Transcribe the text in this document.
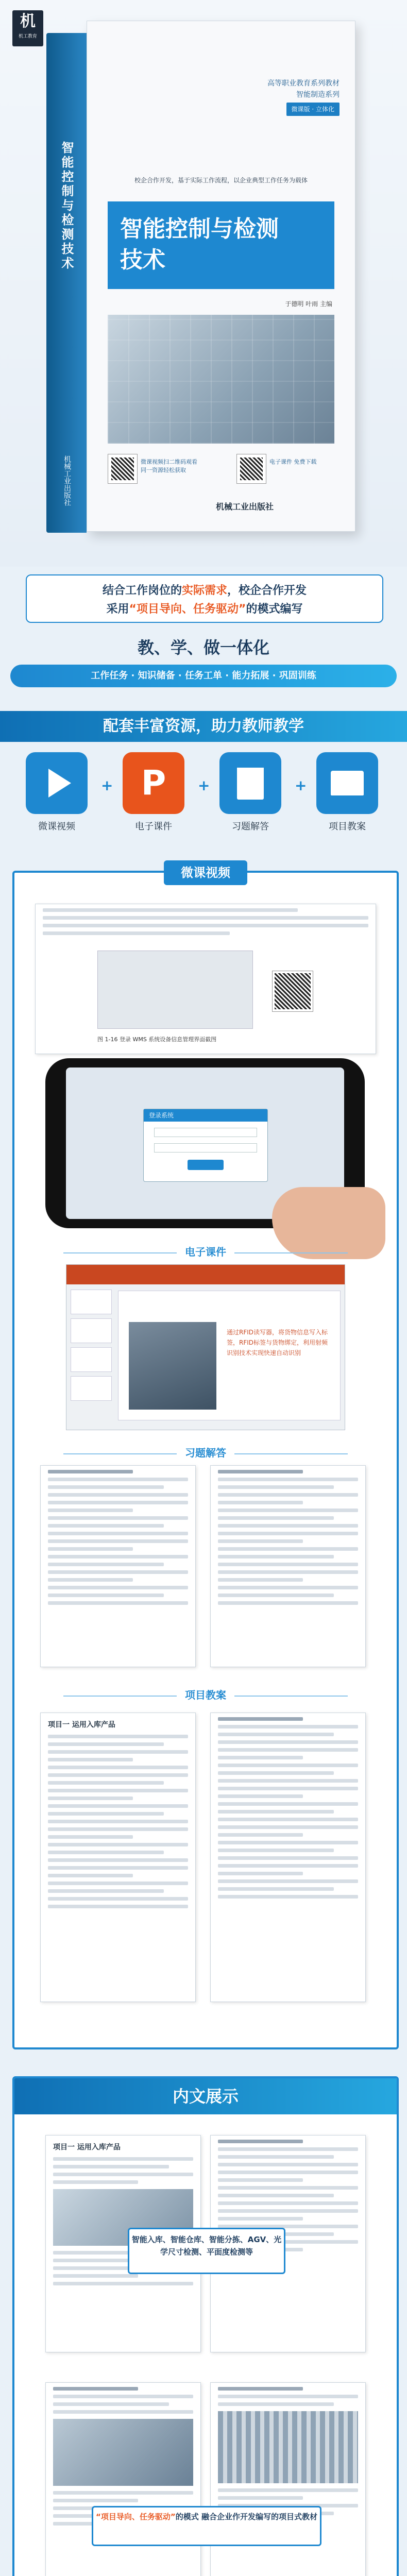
机
机工教育
智能控制与检测技术
机械工业出版社
高等职业教育系列教材
智能制造系列
微课版 · 立体化
校企合作开发，基于实际工作流程，以企业典型工作任务为载体
智能控制与检测
技术
于德明 叶雨 主编
微课视频扫二维码观看 同一资源轻松获取
电子课件 免费下载
机械工业出版社
结合工作岗位的实际需求，校企合作开发
采用“项目导向、任务驱动”的模式编写
教、学、做一体化
工作任务 · 知识储备 · 任务工单 · 能力拓展 · 巩固训练
配套丰富资源，助力教师教学
微课视频
+
P
电子课件
+
习题解答
+
项目教案
微课视频
图 1-16 登录 WMS 系统设备信息管理界面截图
登录系统
电子课件
通过RFID读写器，将货物信息写入标签，RFID标签与货物绑定，利用射频识别技术实现快速自动识别
习题解答
项目教案
项目一 运用入库产品
内文展示
项目一 运用入库产品
智能入库、智能仓库、智能分拣、AGV、光学尺寸检测、平面度检测等
“项目导向、任务驱动”的模式 融合企业作开发编写的项目式教材
